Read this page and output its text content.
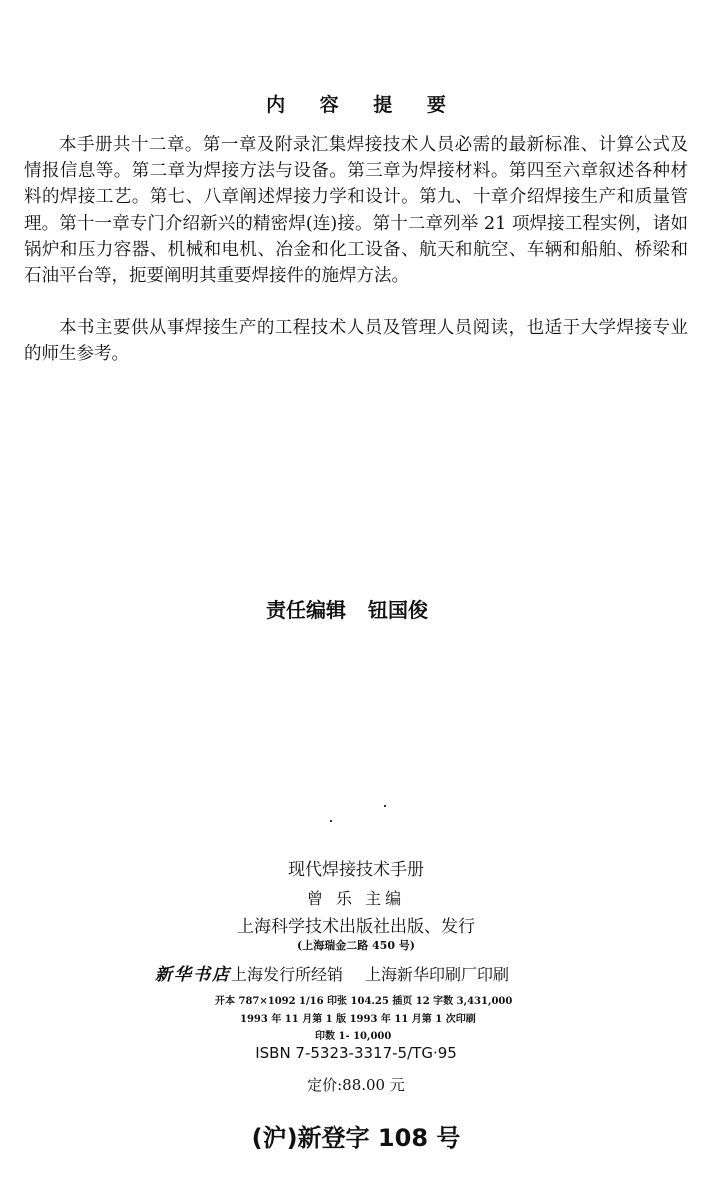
内 容 提 要

本手册共十二章。第一章及附录汇集焊接技术人员必需的最新标准、计算公式及情报信息等。第二章为焊接方法与设备。第三章为焊接材料。第四至六章叙述各种材料的焊接工艺。第七、八章阐述焊接力学和设计。第九、十章介绍焊接生产和质量管理。第十一章专门介绍新兴的精密焊(连)接。第十二章列举 21 项焊接工程实例，诸如锅炉和压力容器、机械和电机、冶金和化工设备、航天和航空、车辆和船舶、桥梁和石油平台等，扼要阐明其重要焊接件的施焊方法。

本书主要供从事焊接生产的工程技术人员及管理人员阅读，也适于大学焊接专业的师生参考。

责任编辑 钮国俊
现代焊接技术手册
曾 乐 主编
上海科学技术出版社出版、发行
(上海瑞金二路 450 号)
新华书店上海发行所经销 上海新华印刷厂印刷
开本 787×1092 1/16 印张 104.25 插页 12 字数 3,431,000
1993 年 11 月第 1 版 1993 年 11 月第 1 次印刷
印数 1- 10,000
ISBN 7-5323-3317-5/TG·95
定价:88.00 元
(沪)新登字 108 号
